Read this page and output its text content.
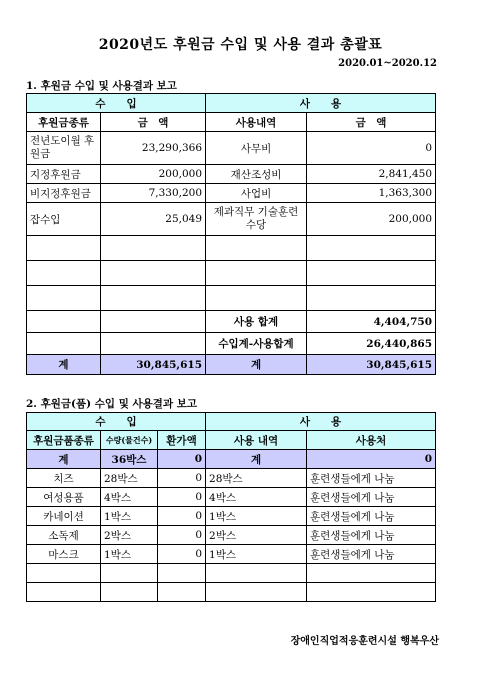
2020년도 후원금 수입 및 사용 결과 총괄표
2020.01~2020.12
1. 후원금 수입 및 사용결과 보고
수　　입		사　　용	
후원금종류	금　액	사용내역	금　액
전년도이월 후원금	23,290,366	사무비	0
지정후원금	200,000	재산조성비	2,841,450
비지정후원금	7,330,200	사업비	1,363,300
잡수입	25,049	제과직무 기술훈련수당	200,000

		사용 합계	4,404,750
		수입계-사용합계	26,440,865
계	30,845,615	계	30,845,615
2. 후원금(품) 수입 및 사용결과 보고
수　　입			사　　용	
후원금품종류	수량(물건수)	환가액	사용 내역	사용처
계	36박스	0	계	0
치즈	28박스	0	28박스	훈련생들에게 나눔
여성용품	4박스	0	4박스	훈련생들에게 나눔
카네이션	1박스	0	1박스	훈련생들에게 나눔
소독제	2박스	0	2박스	훈련생들에게 나눔
마스크	1박스	0	1박스	훈련생들에게 나눔

장애인직업적응훈련시설 행복우산
